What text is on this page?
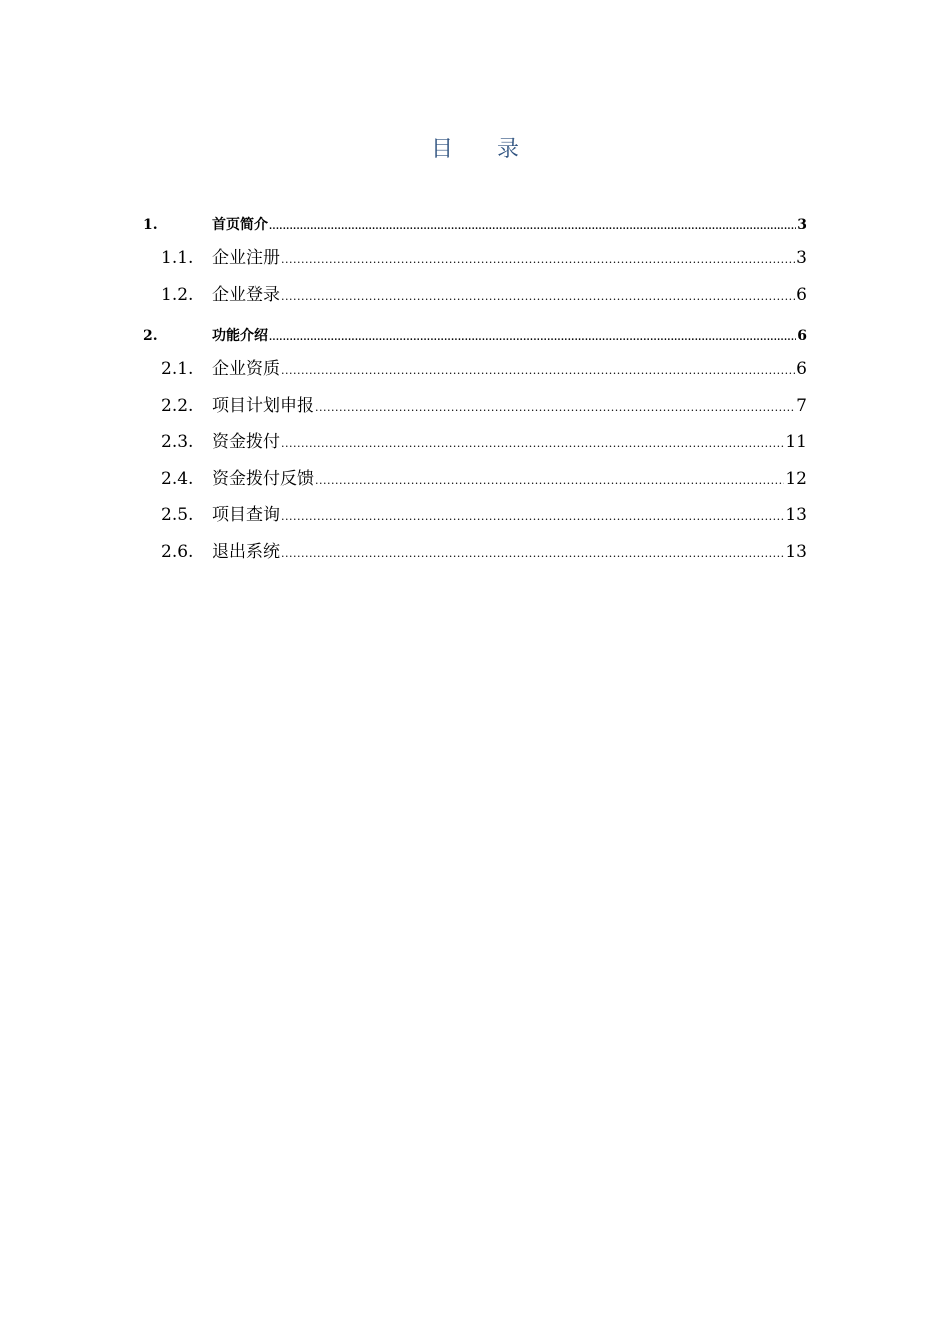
目 录
1.	首页简介 .....	3
1.1.	企业注册 .....	3
1.2.	企业登录 .....	6
2.	功能介绍 .....	6
2.1.	企业资质 .....	6
2.2.	项目计划申报 .....	7
2.3.	资金拨付 .....	11
2.4.	资金拨付反馈 .....	12
2.5.	项目查询 .....	13
2.6.	退出系统 .....	13
